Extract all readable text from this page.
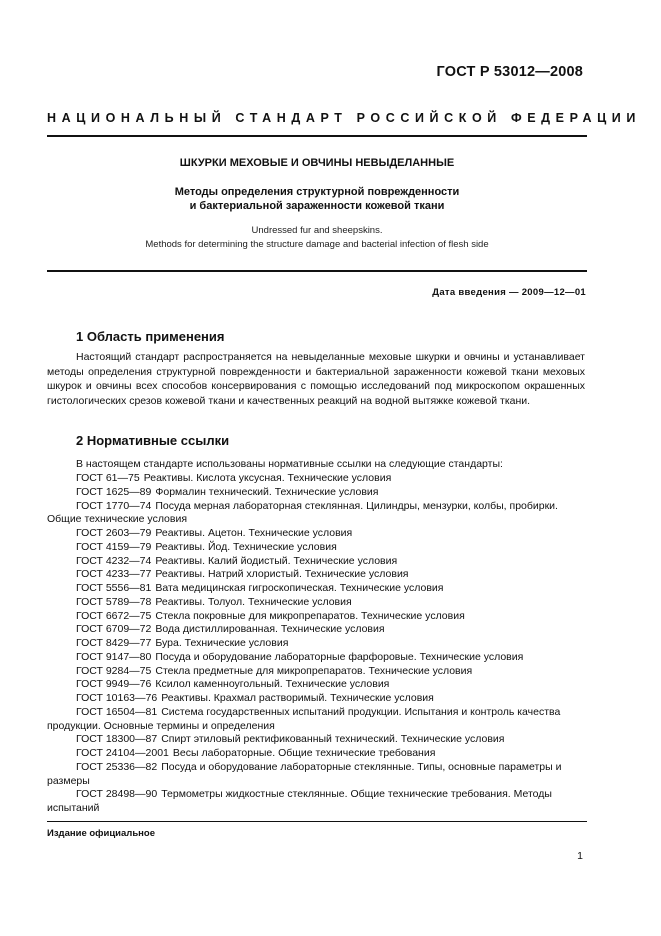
ГОСТ Р 53012—2008
НАЦИОНАЛЬНЫЙ СТАНДАРТ РОССИЙСКОЙ ФЕДЕРАЦИИ
ШКУРКИ МЕХОВЫЕ И ОВЧИНЫ НЕВЫДЕЛАННЫЕ
Методы определения структурной поврежденности
и бактериальной зараженности кожевой ткани
Undressed fur and sheepskins.
Methods for determining the structure damage and bacterial infection of flesh side
Дата введения — 2009—12—01
1 Область применения
Настоящий стандарт распространяется на невыделанные меховые шкурки и овчины и устанавливает методы определения структурной поврежденности и бактериальной зараженности кожевой ткани меховых шкурок и овчины всех способов консервирования с помощью исследований под микроскопом окрашенных гистологических срезов кожевой ткани и качественных реакций на водной вытяжке кожевой ткани.
2 Нормативные ссылки
В настоящем стандарте использованы нормативные ссылки на следующие стандарты:
ГОСТ 61—75 Реактивы. Кислота уксусная. Технические условия
ГОСТ 1625—89 Формалин технический. Технические условия
ГОСТ 1770—74 Посуда мерная лабораторная стеклянная. Цилиндры, мензурки, колбы, пробирки. Общие технические условия
ГОСТ 2603—79 Реактивы. Ацетон. Технические условия
ГОСТ 4159—79 Реактивы. Йод. Технические условия
ГОСТ 4232—74 Реактивы. Калий йодистый. Технические условия
ГОСТ 4233—77 Реактивы. Натрий хлористый. Технические условия
ГОСТ 5556—81 Вата медицинская гигроскопическая. Технические условия
ГОСТ 5789—78 Реактивы. Толуол. Технические условия
ГОСТ 6672—75 Стекла покровные для микропрепаратов. Технические условия
ГОСТ 6709—72 Вода дистиллированная. Технические условия
ГОСТ 8429—77 Бура. Технические условия
ГОСТ 9147—80 Посуда и оборудование лабораторные фарфоровые. Технические условия
ГОСТ 9284—75 Стекла предметные для микропрепаратов. Технические условия
ГОСТ 9949—76 Ксилол каменноугольный. Технические условия
ГОСТ 10163—76 Реактивы. Крахмал растворимый. Технические условия
ГОСТ 16504—81 Система государственных испытаний продукции. Испытания и контроль качества продукции. Основные термины и определения
ГОСТ 18300—87 Спирт этиловый ректификованный технический. Технические условия
ГОСТ 24104—2001 Весы лабораторные. Общие технические требования
ГОСТ 25336—82 Посуда и оборудование лабораторные стеклянные. Типы, основные параметры и размеры
ГОСТ 28498—90 Термометры жидкостные стеклянные. Общие технические требования. Методы испытаний
Издание официальное
1
